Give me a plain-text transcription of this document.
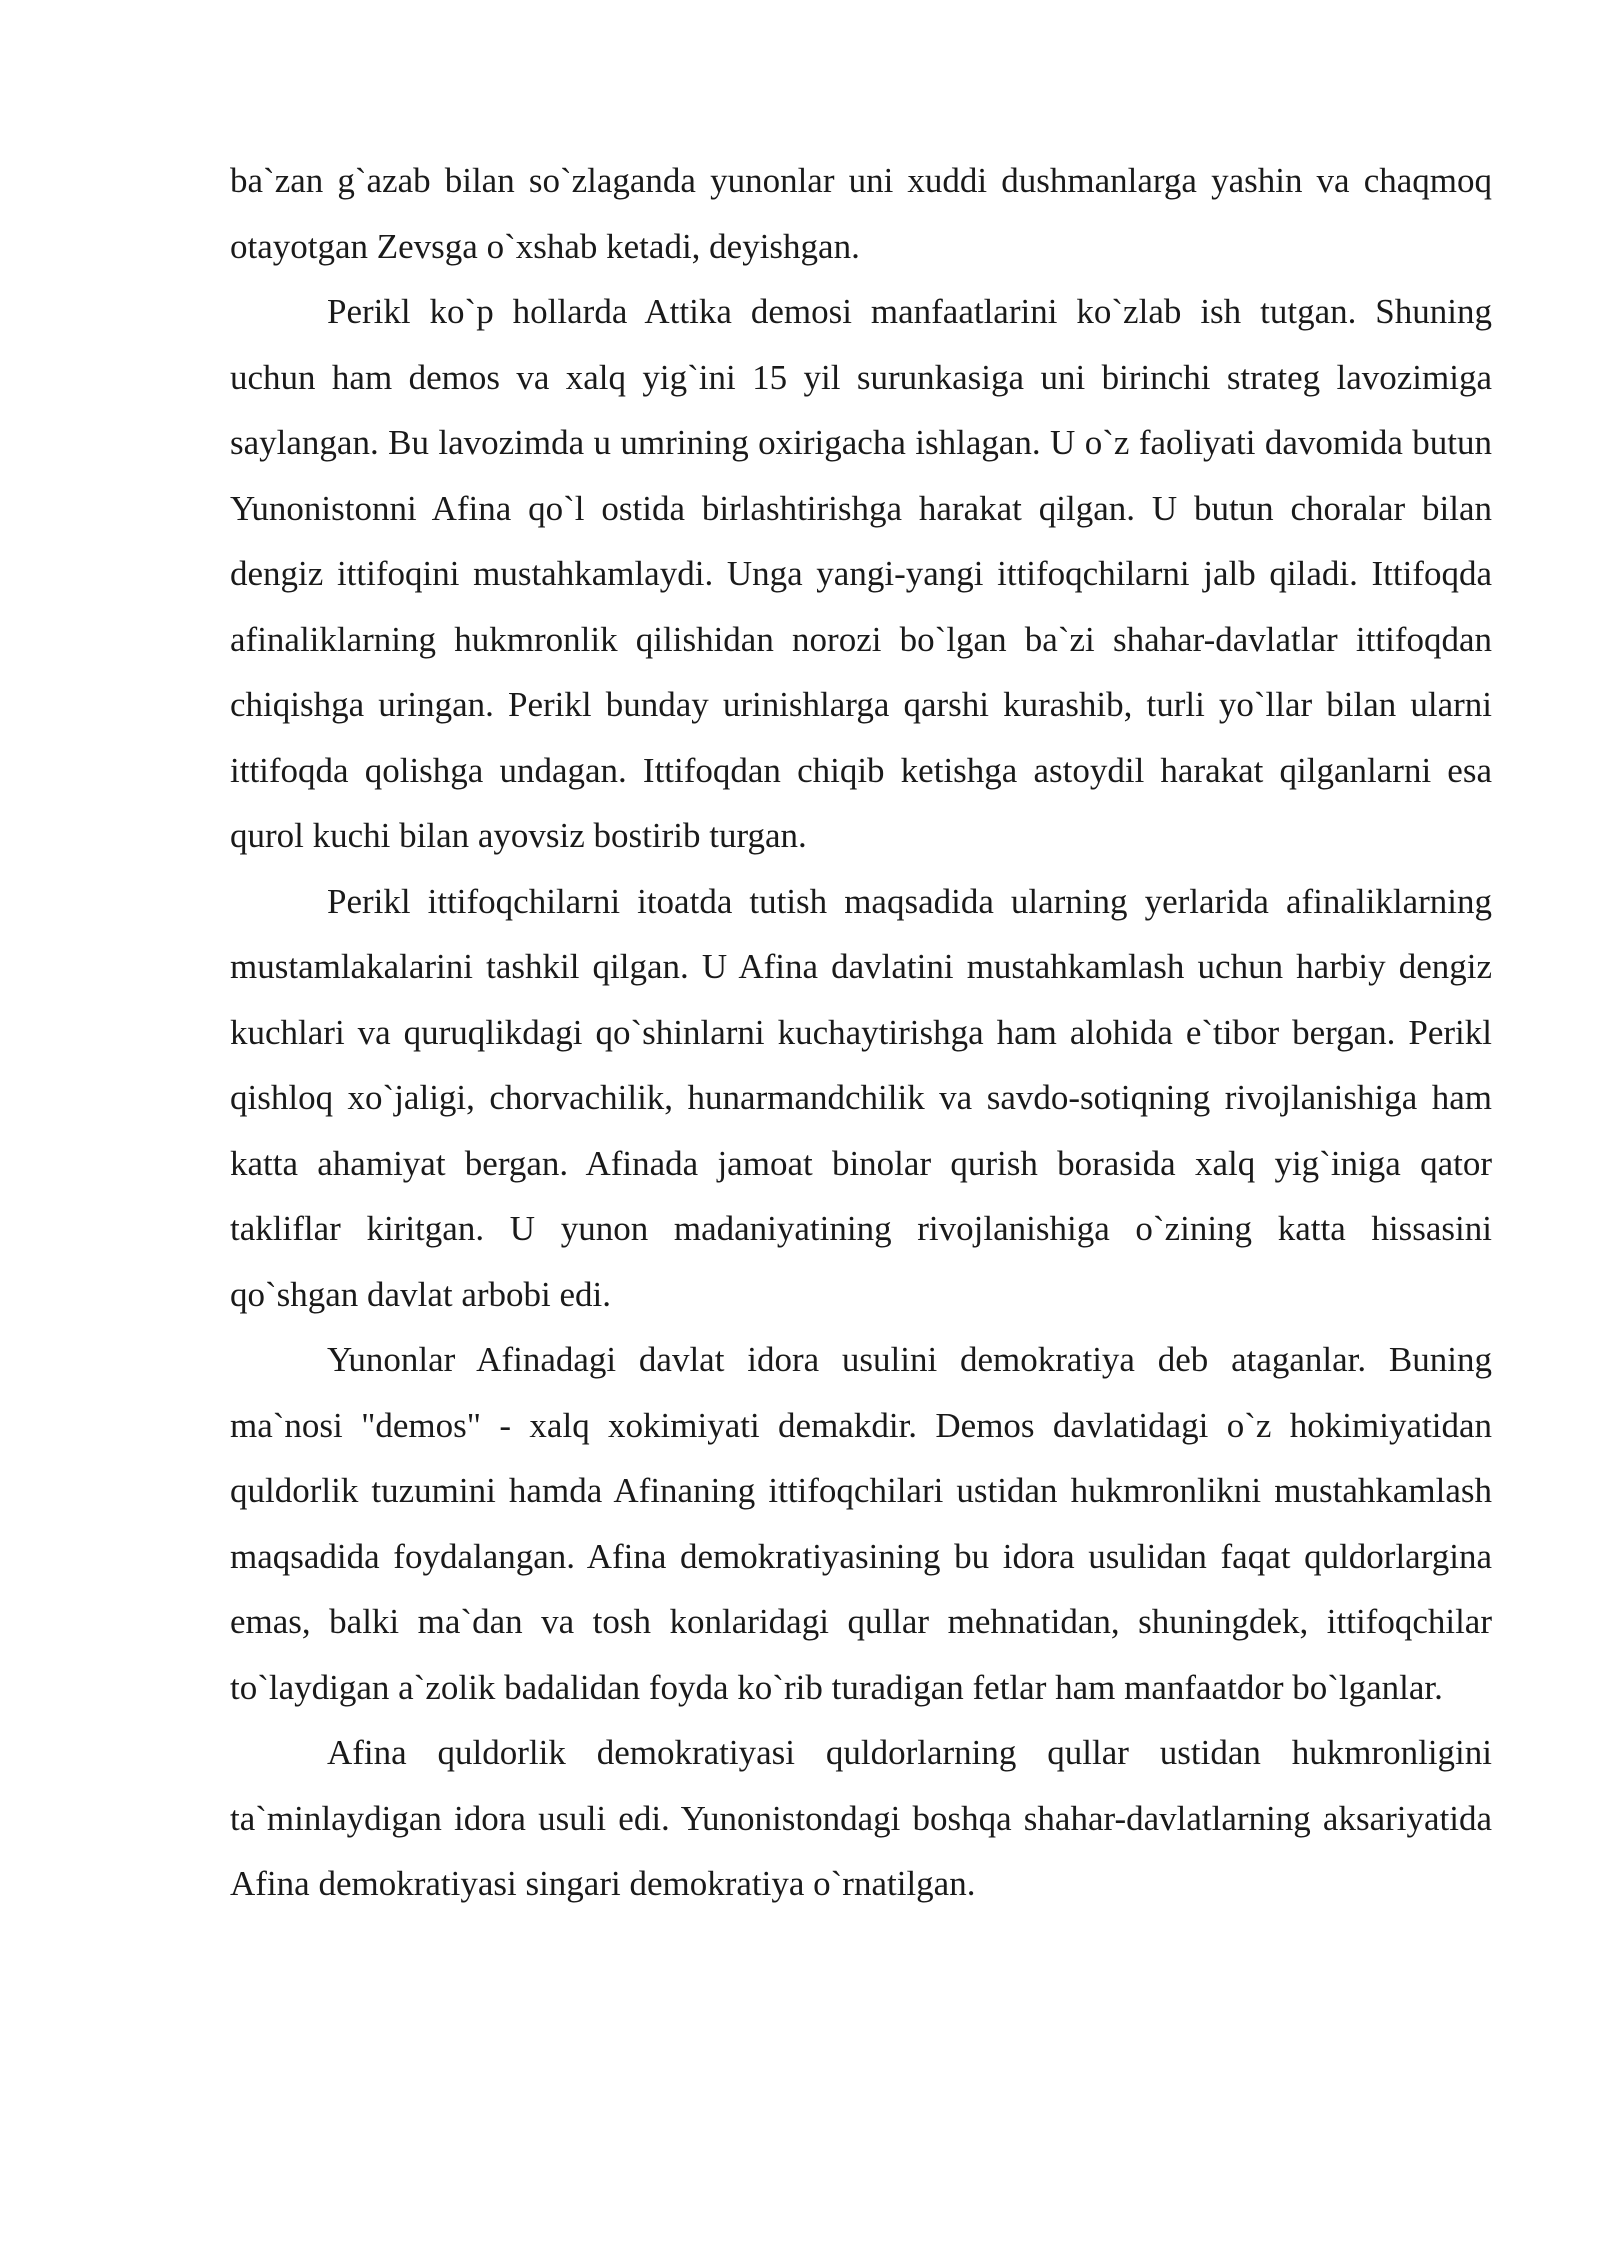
ba`zan g`azab bilan so`zlaganda yunonlar uni xuddi dushmanlarga yashin va chaqmoq otayotgan Zevsga o`xshab ketadi, deyishgan.

Perikl ko`p hollarda Attika demosi manfaatlarini ko`zlab ish tutgan. Shuning uchun ham demos va xalq yig`ini 15 yil surunkasiga uni birinchi strateg lavozimiga saylangan. Bu lavozimda u umrining oxirigacha ishlagan. U o`z faoliyati davomida butun Yunonistonni Afina qo`l ostida birlashtirishga harakat qilgan. U butun choralar bilan dengiz ittifoqini mustahkamlaydi. Unga yangi-yangi ittifoqchilarni jalb qiladi. Ittifoqda afinaliklarning hukmronlik qilishidan norozi bo`lgan ba`zi shahar-davlatlar ittifoqdan chiqishga uringan. Perikl bunday urinishlarga qarshi kurashib, turli yo`llar bilan ularni ittifoqda qolishga undagan. Ittifoqdan chiqib ketishga astoydil harakat qilganlarni esa qurol kuchi bilan ayovsiz bostirib turgan.

Perikl ittifoqchilarni itoatda tutish maqsadida ularning yerlarida afinaliklarning mustamlakalarini tashkil qilgan. U Afina davlatini mustahkamlash uchun harbiy dengiz kuchlari va quruqlikdagi qo`shinlarni kuchaytirishga ham alohida e`tibor bergan. Perikl qishloq xo`jaligi, chorvachilik, hunarmandchilik va savdo-sotiqning rivojlanishiga ham katta ahamiyat bergan. Afinada jamoat binolar qurish borasida xalq yig`iniga qator takliflar kiritgan. U yunon madaniyatining rivojlanishiga o`zining katta hissasini qo`shgan davlat arbobi edi.

Yunonlar Afinadagi davlat idora usulini demokratiya deb ataganlar. Buning ma`nosi "demos" - xalq xokimiyati demakdir. Demos davlatidagi o`z hokimiyatidan quldorlik tuzumini hamda Afinaning ittifoqchilari ustidan hukmronlikni mustahkamlash maqsadida foydalangan. Afina demokratiyasining bu idora usulidan faqat quldorlargina emas, balki ma`dan va tosh konlaridagi qullar mehnatidan, shuningdek, ittifoqchilar to`laydigan a`zolik badalidan foyda ko`rib turadigan fetlar ham manfaatdor bo`lganlar.

Afina quldorlik demokratiyasi quldorlarning qullar ustidan hukmronligini ta`minlaydigan idora usuli edi. Yunonistondagi boshqa shahar-davlatlarning aksariyatida Afina demokratiyasi singari demokratiya o`rnatilgan.
